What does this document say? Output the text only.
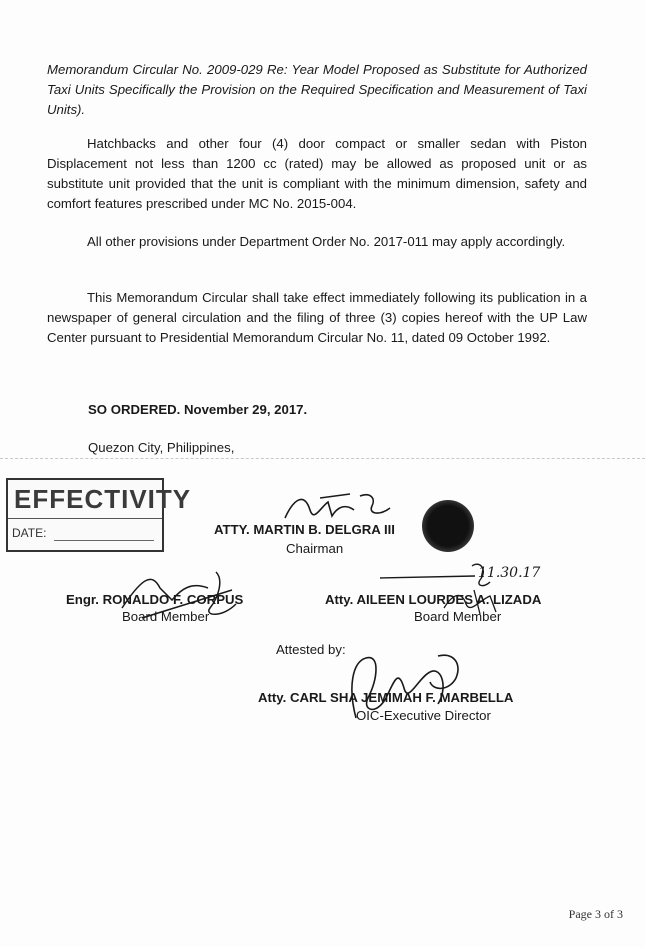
Memorandum Circular No. 2009-029 Re: Year Model Proposed as Substitute for Authorized Taxi Units Specifically the Provision on the Required Specification and Measurement of Taxi Units).

Hatchbacks and other four (4) door compact or smaller sedan with Piston Displacement not less than 1200 cc (rated) may be allowed as proposed unit or as substitute unit provided that the unit is compliant with the minimum dimension, safety and comfort features prescribed under MC No. 2015-004.

All other provisions under Department Order No. 2017-011 may apply accordingly.

This Memorandum Circular shall take effect immediately following its publication in a newspaper of general circulation and the filing of three (3) copies hereof with the UP Law Center pursuant to Presidential Memorandum Circular No. 11, dated 09 October 1992.

SO ORDERED. November 29, 2017.
Quezon City, Philippines,
EFFECTIVITY
DATE:	ATTY. MARTIN B. DELGRA III
Chairman
11.30.17
Engr. RONALDO F. CORPUS
Board Member
Atty. AILEEN LOURDES A. LIZADA
Board Member
Attested by:
Atty. CARL SHA JEMIMAH F. MARBELLA
OIC-Executive Director
Page 3 of 3
